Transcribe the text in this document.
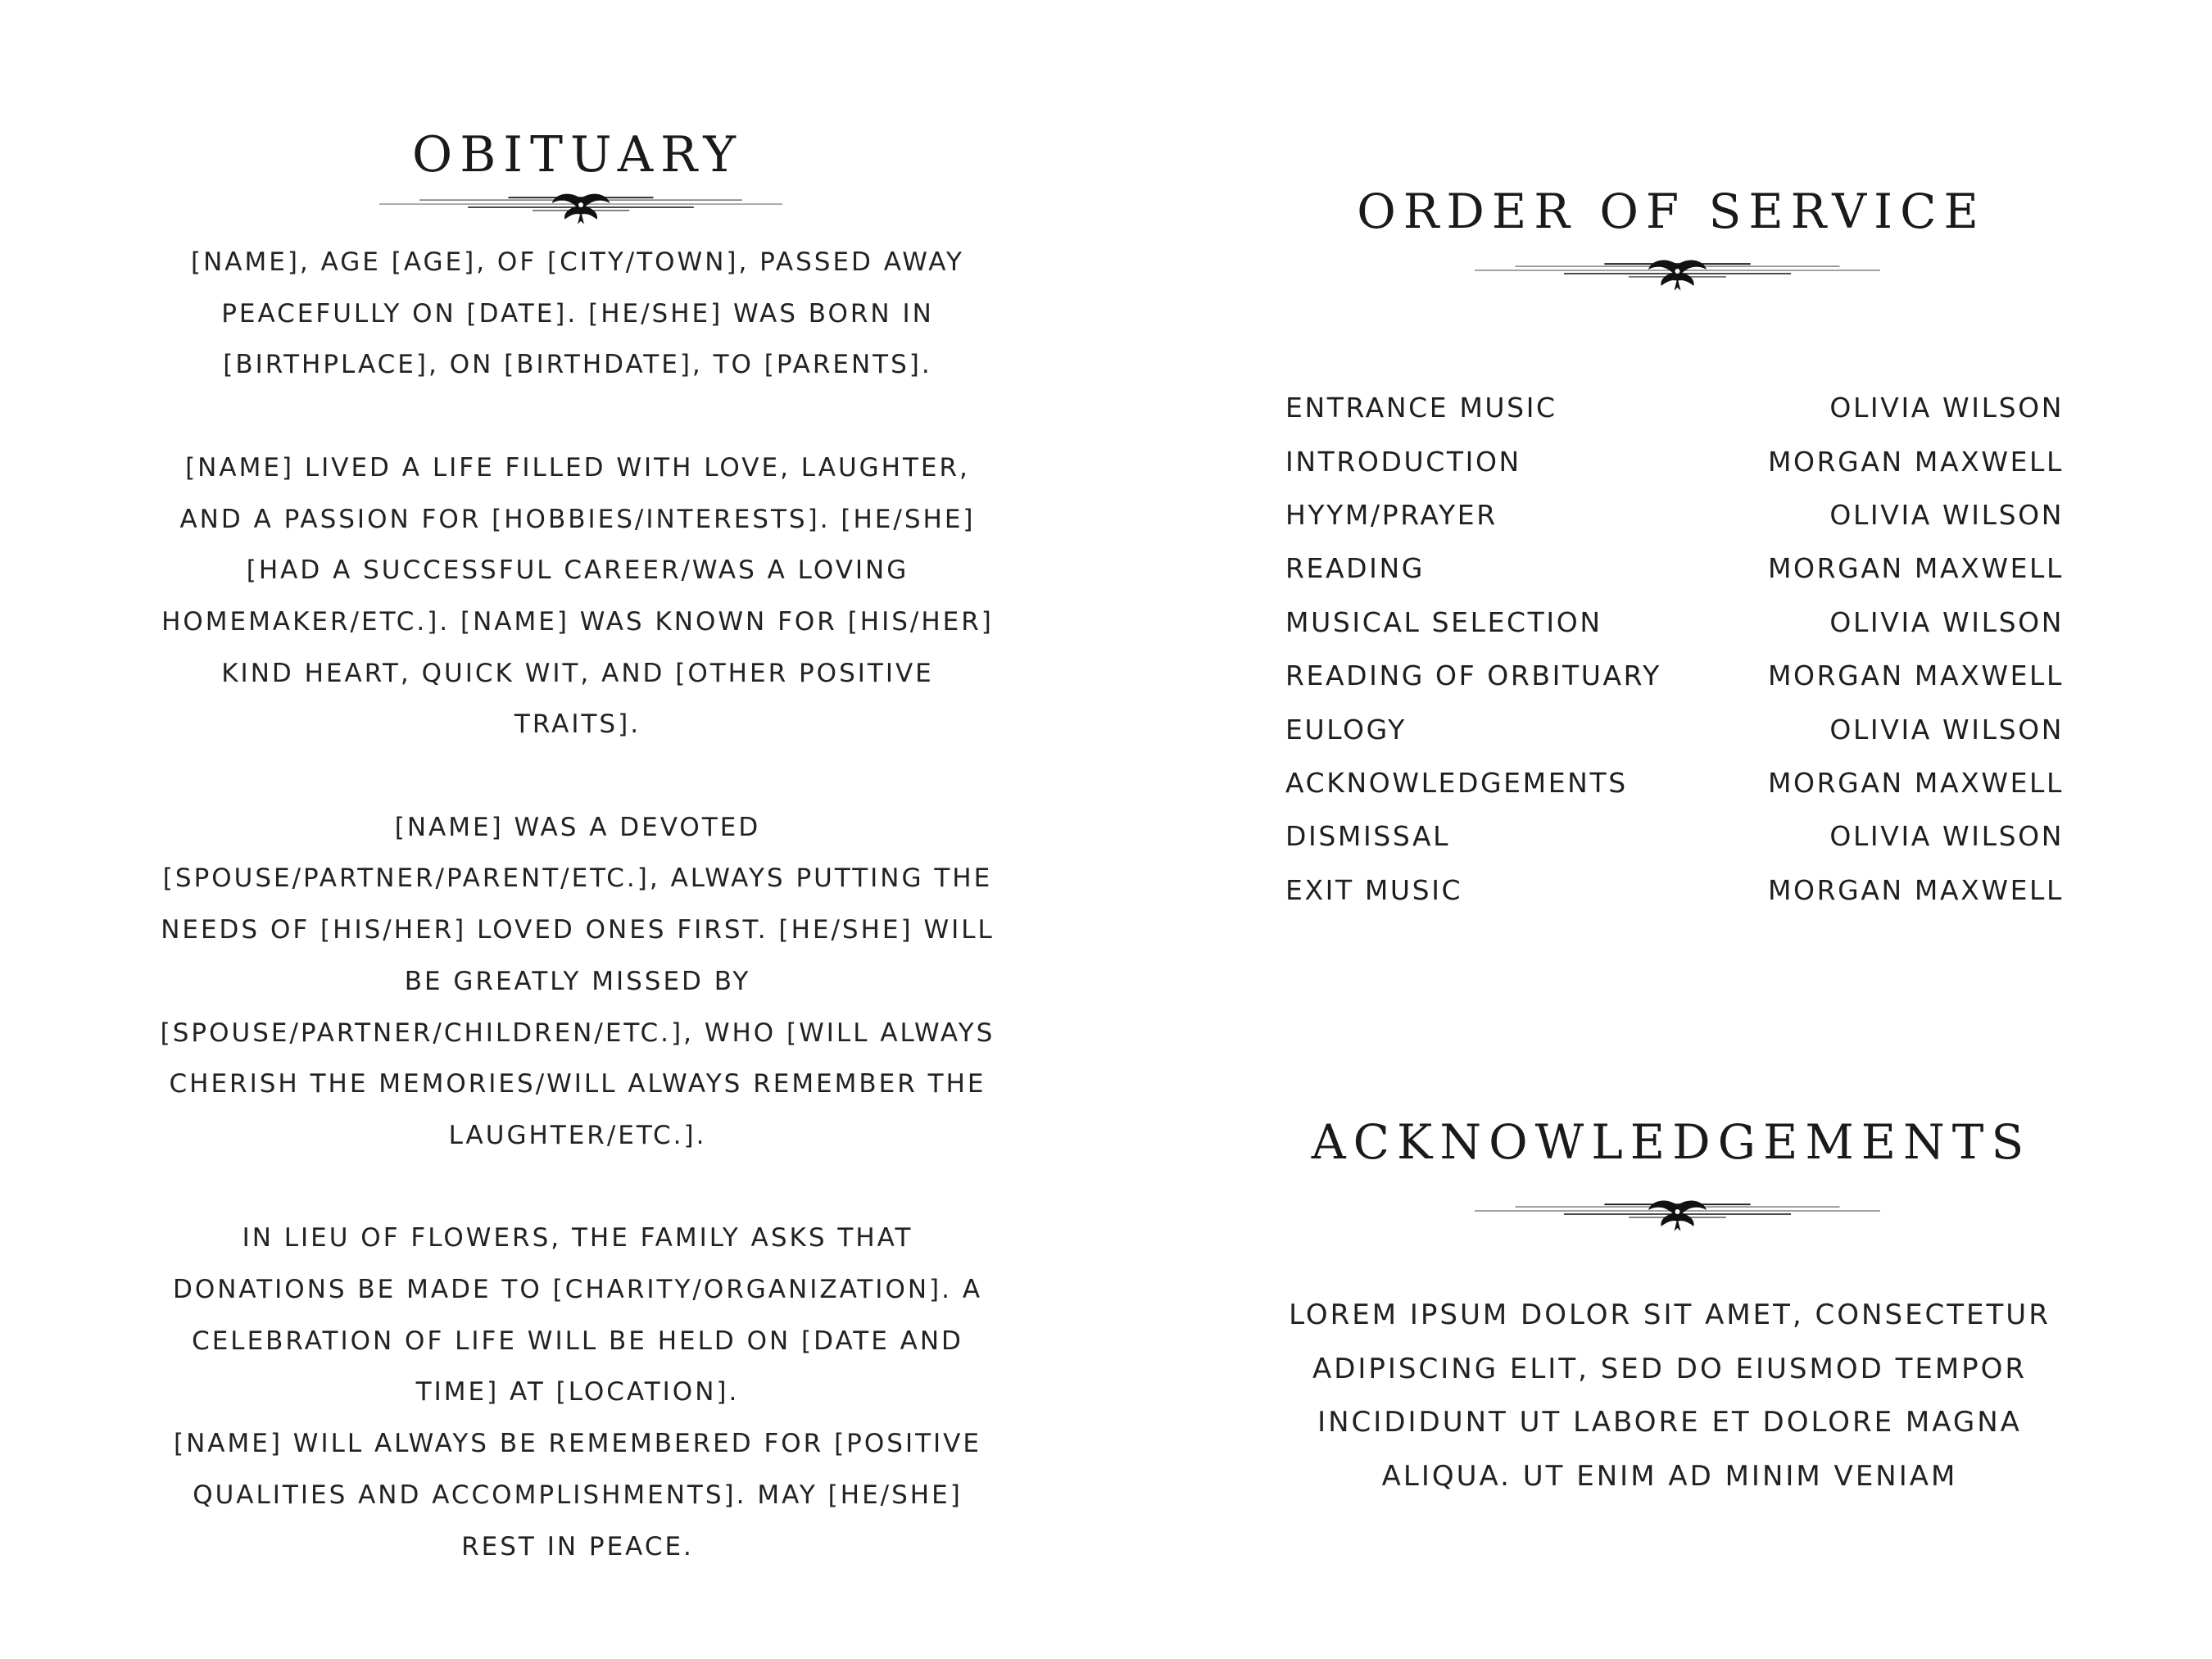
OBITUARY

[NAME], AGE [AGE], OF [CITY/TOWN], PASSED AWAY PEACEFULLY ON [DATE]. [HE/SHE] WAS BORN IN [BIRTHPLACE], ON [BIRTHDATE], TO [PARENTS].

[NAME] LIVED A LIFE FILLED WITH LOVE, LAUGHTER, AND A PASSION FOR [HOBBIES/INTERESTS]. [HE/SHE] [HAD A SUCCESSFUL CAREER/WAS A LOVING HOMEMAKER/ETC.]. [NAME] WAS KNOWN FOR [HIS/HER] KIND HEART, QUICK WIT, AND [OTHER POSITIVE TRAITS].

[NAME] WAS A DEVOTED [SPOUSE/PARTNER/PARENT/ETC.], ALWAYS PUTTING THE NEEDS OF [HIS/HER] LOVED ONES FIRST. [HE/SHE] WILL BE GREATLY MISSED BY [SPOUSE/PARTNER/CHILDREN/ETC.], WHO [WILL ALWAYS CHERISH THE MEMORIES/WILL ALWAYS REMEMBER THE LAUGHTER/ETC.].

IN LIEU OF FLOWERS, THE FAMILY ASKS THAT DONATIONS BE MADE TO [CHARITY/ORGANIZATION]. A CELEBRATION OF LIFE WILL BE HELD ON [DATE AND TIME] AT [LOCATION].

[NAME] WILL ALWAYS BE REMEMBERED FOR [POSITIVE QUALITIES AND ACCOMPLISHMENTS]. MAY [HE/SHE] REST IN PEACE.

ORDER OF SERVICE
ENTRANCE MUSIC	OLIVIA WILSON
INTRODUCTION	MORGAN MAXWELL
HYYM/PRAYER	OLIVIA WILSON
READING	MORGAN MAXWELL
MUSICAL SELECTION	OLIVIA WILSON
READING OF ORBITUARY	MORGAN MAXWELL
EULOGY	OLIVIA WILSON
ACKNOWLEDGEMENTS	MORGAN MAXWELL
DISMISSAL	OLIVIA WILSON
EXIT MUSIC	MORGAN MAXWELL
ACKNOWLEDGEMENTS
LOREM IPSUM DOLOR SIT AMET, CONSECTETUR ADIPISCING ELIT, SED DO EIUSMOD TEMPOR INCIDIDUNT UT LABORE ET DOLORE MAGNA ALIQUA. UT ENIM AD MINIM VENIAM
